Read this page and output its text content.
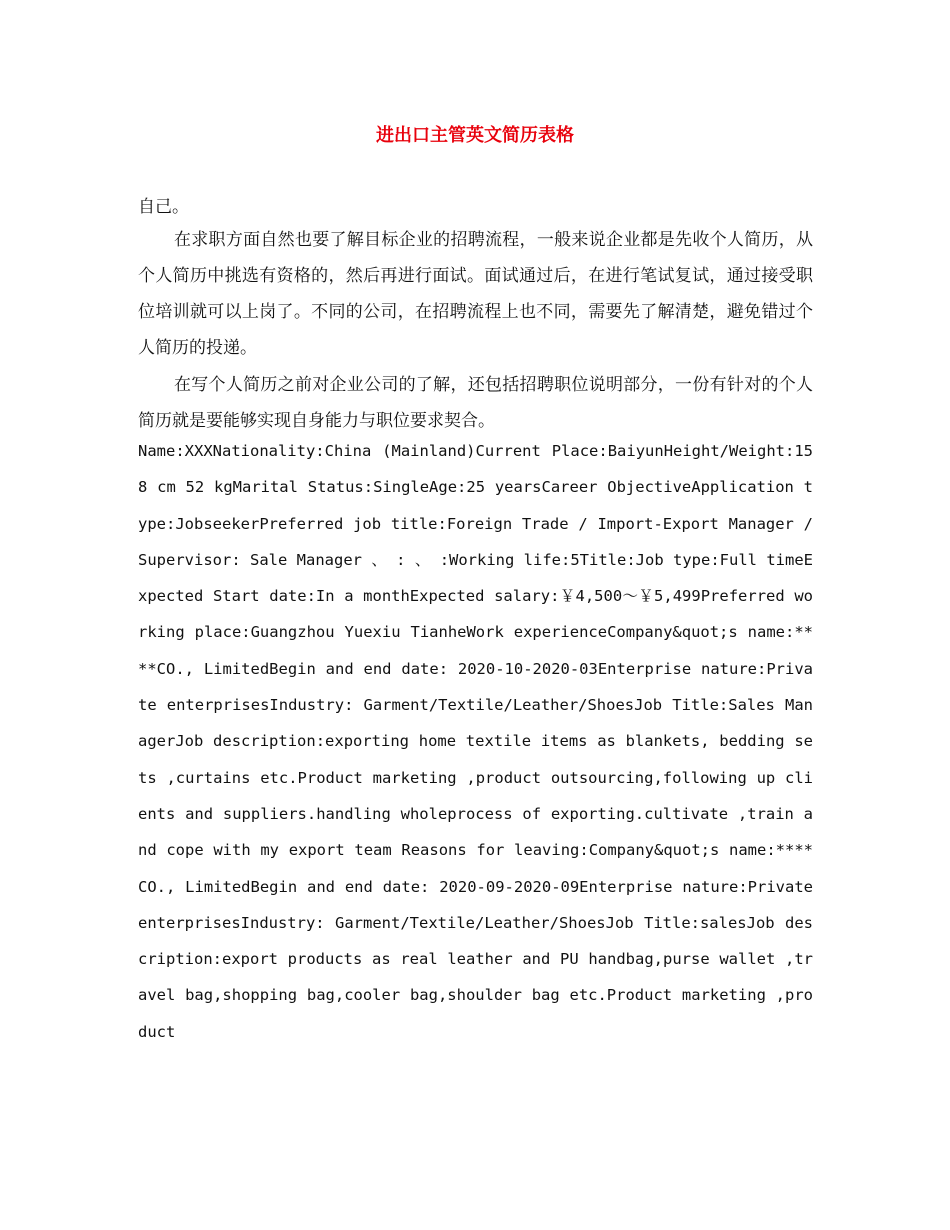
进出口主管英文简历表格

自己。

在求职方面自然也要了解目标企业的招聘流程，一般来说企业都是先收个人简历，从个人简历中挑选有资格的，然后再进行面试。面试通过后，在进行笔试复试，通过接受职位培训就可以上岗了。不同的公司，在招聘流程上也不同，需要先了解清楚，避免错过个人简历的投递。

在写个人简历之前对企业公司的了解，还包括招聘职位说明部分，一份有针对的个人简历就是要能够实现自身能力与职位要求契合。

Name:XXXNationality:China (Mainland)Current Place:BaiyunHeight/Weight:158 cm 52 kgMarital Status:SingleAge:25 yearsCareer ObjectiveApplication type:JobseekerPreferred job title:Foreign Trade / Import-Export Manager / Supervisor: Sale Manager 、 : 、 :Working life:5Title:Job type:Full timeExpected Start date:In a monthExpected salary:￥4,500～￥5,499Preferred working place:Guangzhou Yuexiu TianheWork experienceCompany&quot;s name:****CO., LimitedBegin and end date: 2020-10-2020-03Enterprise nature:Private enterprisesIndustry: Garment/Textile/Leather/ShoesJob Title:Sales ManagerJob description:exporting home textile items as blankets, bedding sets ,curtains etc.Product marketing ,product outsourcing,following up clients and suppliers.handling wholeprocess of exporting.cultivate ,train and cope with my export team Reasons for leaving:Company&quot;s name:****CO., LimitedBegin and end date: 2020-09-2020-09Enterprise nature:Private enterprisesIndustry: Garment/Textile/Leather/ShoesJob Title:salesJob description:export products as real leather and PU handbag,purse wallet ,travel bag,shopping bag,cooler bag,shoulder bag etc.Product marketing ,product
